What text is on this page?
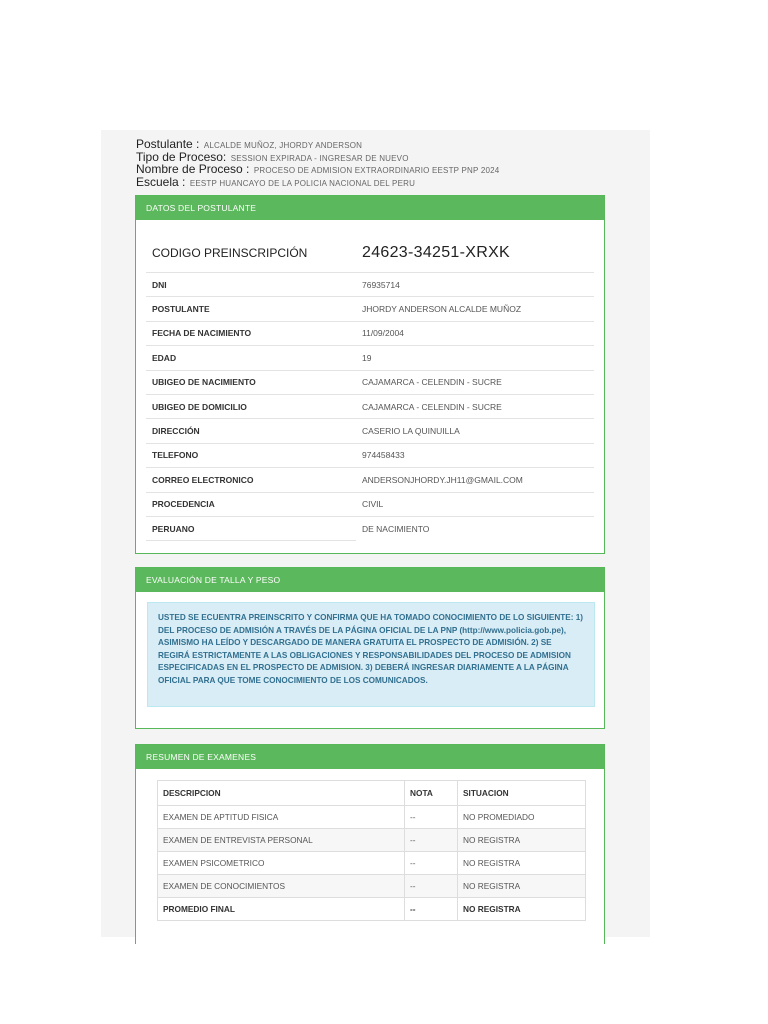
Postulante : ALCALDE MUÑOZ, JHORDY ANDERSON
Tipo de Proceso: SESSION EXPIRADA - INGRESAR DE NUEVO
Nombre de Proceso : PROCESO DE ADMISION EXTRAORDINARIO EESTP PNP 2024
Escuela : EESTP HUANCAYO DE LA POLICIA NACIONAL DEL PERU
DATOS DEL POSTULANTE
CODIGO PREINSCRIPCIÓN	24623-34251-XRXK
DNI	76935714
POSTULANTE	JHORDY ANDERSON ALCALDE MUÑOZ
FECHA DE NACIMIENTO	11/09/2004
EDAD	19
UBIGEO DE NACIMIENTO	CAJAMARCA - CELENDIN - SUCRE
UBIGEO DE DOMICILIO	CAJAMARCA - CELENDIN - SUCRE
DIRECCIÓN	CASERIO LA QUINUILLA
TELEFONO	974458433
CORREO ELECTRONICO	ANDERSONJHORDY.JH11@GMAIL.COM
PROCEDENCIA	CIVIL
PERUANO	DE NACIMIENTO
EVALUACIÓN DE TALLA Y PESO
USTED SE ECUENTRA PREINSCRITO Y CONFIRMA QUE HA TOMADO CONOCIMIENTO DE LO SIGUIENTE: 1) DEL PROCESO DE ADMISIÓN A TRAVÉS DE LA PÁGINA OFICIAL DE LA PNP (http://www.policia.gob.pe), ASIMISMO HA LEÍDO Y DESCARGADO DE MANERA GRATUITA EL PROSPECTO DE ADMISIÓN. 2) SE REGIRÁ ESTRICTAMENTE A LAS OBLIGACIONES Y RESPONSABILIDADES DEL PROCESO DE ADMISION ESPECIFICADAS EN EL PROSPECTO DE ADMISION. 3) DEBERÁ INGRESAR DIARIAMENTE A LA PÁGINA OFICIAL PARA QUE TOME CONOCIMIENTO DE LOS COMUNICADOS.
RESUMEN DE EXAMENES
DESCRIPCION	NOTA	SITUACION
EXAMEN DE APTITUD FISICA	--	NO PROMEDIADO
EXAMEN DE ENTREVISTA PERSONAL	--	NO REGISTRA
EXAMEN PSICOMETRICO	--	NO REGISTRA
EXAMEN DE CONOCIMIENTOS	--	NO REGISTRA
PROMEDIO FINAL	--	NO REGISTRA
